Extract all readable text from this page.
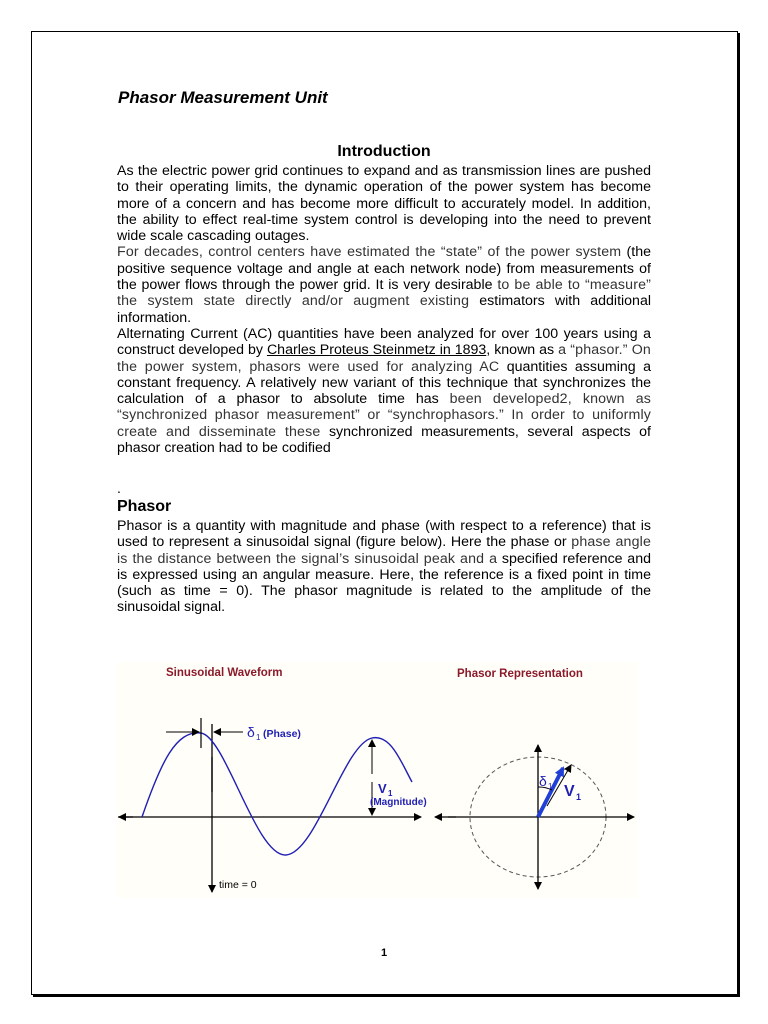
Phasor Measurement Unit
Introduction

As the electric power grid continues to expand and as transmission lines are pushed to their operating limits, the dynamic operation of the power system has become more of a concern and has become more difficult to accurately model. In addition, the ability to effect real-time system control is developing into the need to prevent wide scale cascading outages.

For decades, control centers have estimated the “state” of the power system (the positive sequence voltage and angle at each network node) from measurements of the power flows through the power grid. It is very desirable to be able to “measure” the system state directly and/or augment existing estimators with additional information.

Alternating Current (AC) quantities have been analyzed for over 100 years using a construct developed by Charles Proteus Steinmetz in 1893, known as a “phasor.” On the power system, phasors were used for analyzing AC quantities assuming a constant frequency. A relatively new variant of this technique that synchronizes the calculation of a phasor to absolute time has been developed2, known as “synchronized phasor measurement” or “synchrophasors.” In order to uniformly create and disseminate these synchronized measurements, several aspects of phasor creation had to be codified

.

Phasor

Phasor is a quantity with magnitude and phase (with respect to a reference) that is used to represent a sinusoidal signal (figure below). Here the phase or phase angle is the distance between the signal’s sinusoidal peak and a specified reference and is expressed using an angular measure. Here, the reference is a fixed point in time (such as time = 0). The phasor magnitude is related to the amplitude of the sinusoidal signal.

Sinusoidal Waveform	Phasor Representation
δ 1 (Phase)
V 1
(Magnitude)
time = 0
δ 1 V 1

1
